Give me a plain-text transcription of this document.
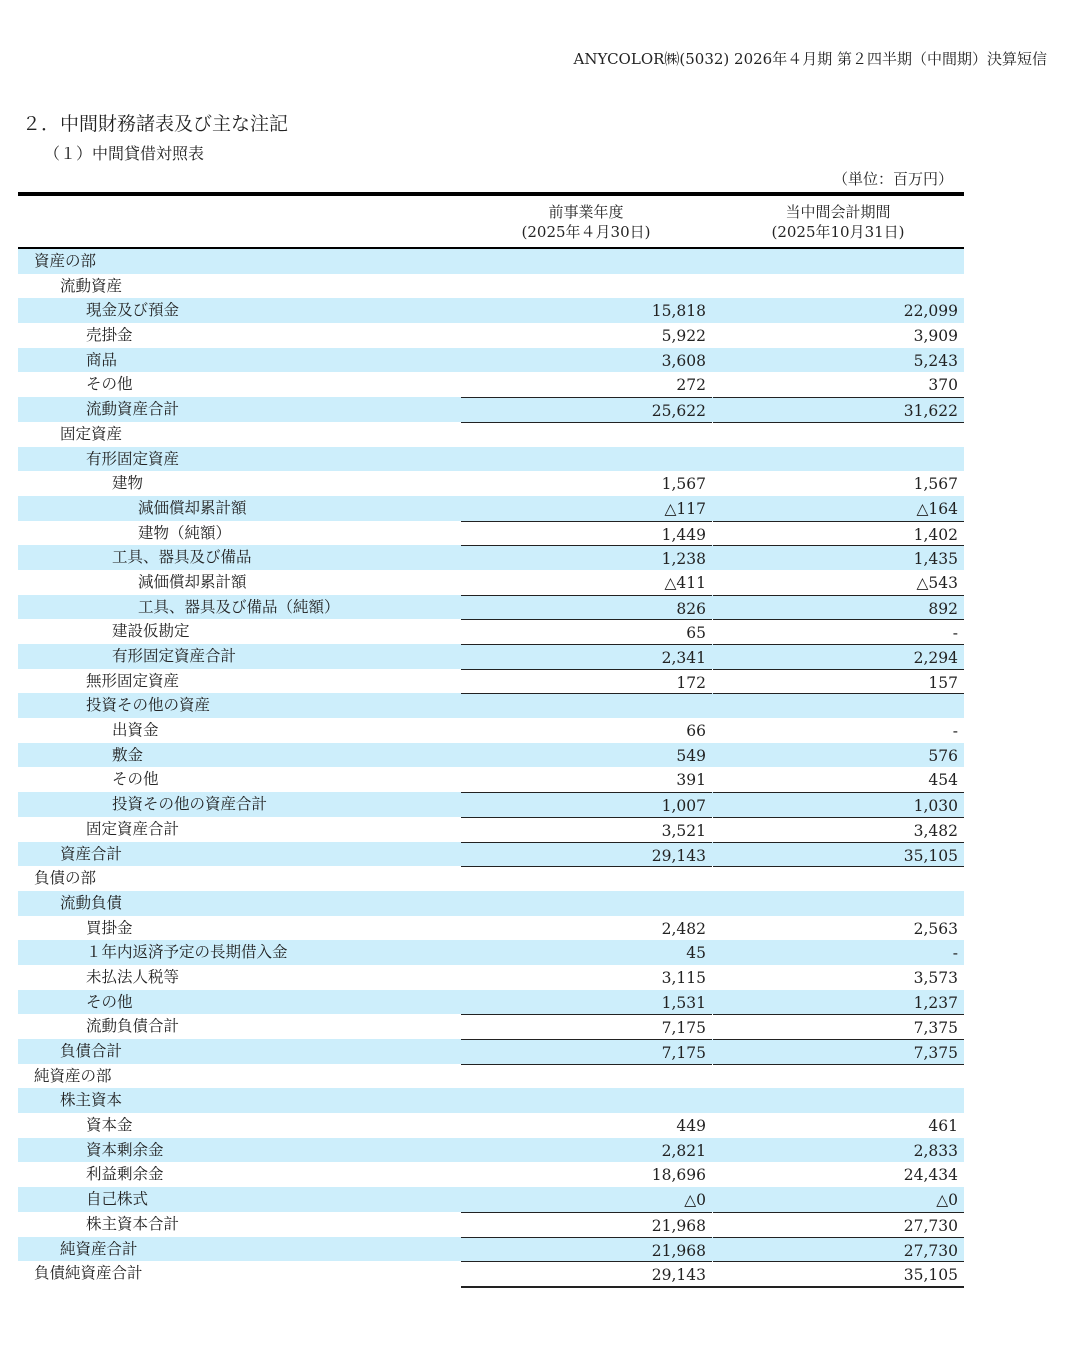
ANYCOLOR㈱(5032) 2026年４月期 第２四半期（中間期）決算短信
２．中間財務諸表及び主な注記
（１）中間貸借対照表
（単位：百万円）
前事業年度
(2025年４月30日)
当中間会計期間
(2025年10月31日)
資産の部
流動資産
現金及び預金	15,818	22,099
売掛金	5,922	3,909
商品	3,608	5,243
その他	272	370
流動資産合計	25,622	31,622
固定資産
有形固定資産
建物	1,567	1,567
減価償却累計額	△117	△164
建物（純額）	1,449	1,402
工具、器具及び備品	1,238	1,435
減価償却累計額	△411	△543
工具、器具及び備品（純額）	826	892
建設仮勘定	65	-
有形固定資産合計	2,341	2,294
無形固定資産	172	157
投資その他の資産
出資金	66	-
敷金	549	576
その他	391	454
投資その他の資産合計	1,007	1,030
固定資産合計	3,521	3,482
資産合計	29,143	35,105
負債の部
流動負債
買掛金	2,482	2,563
１年内返済予定の長期借入金	45	-
未払法人税等	3,115	3,573
その他	1,531	1,237
流動負債合計	7,175	7,375
負債合計	7,175	7,375
純資産の部
株主資本
資本金	449	461
資本剰余金	2,821	2,833
利益剰余金	18,696	24,434
自己株式	△0	△0
株主資本合計	21,968	27,730
純資産合計	21,968	27,730
負債純資産合計	29,143	35,105
